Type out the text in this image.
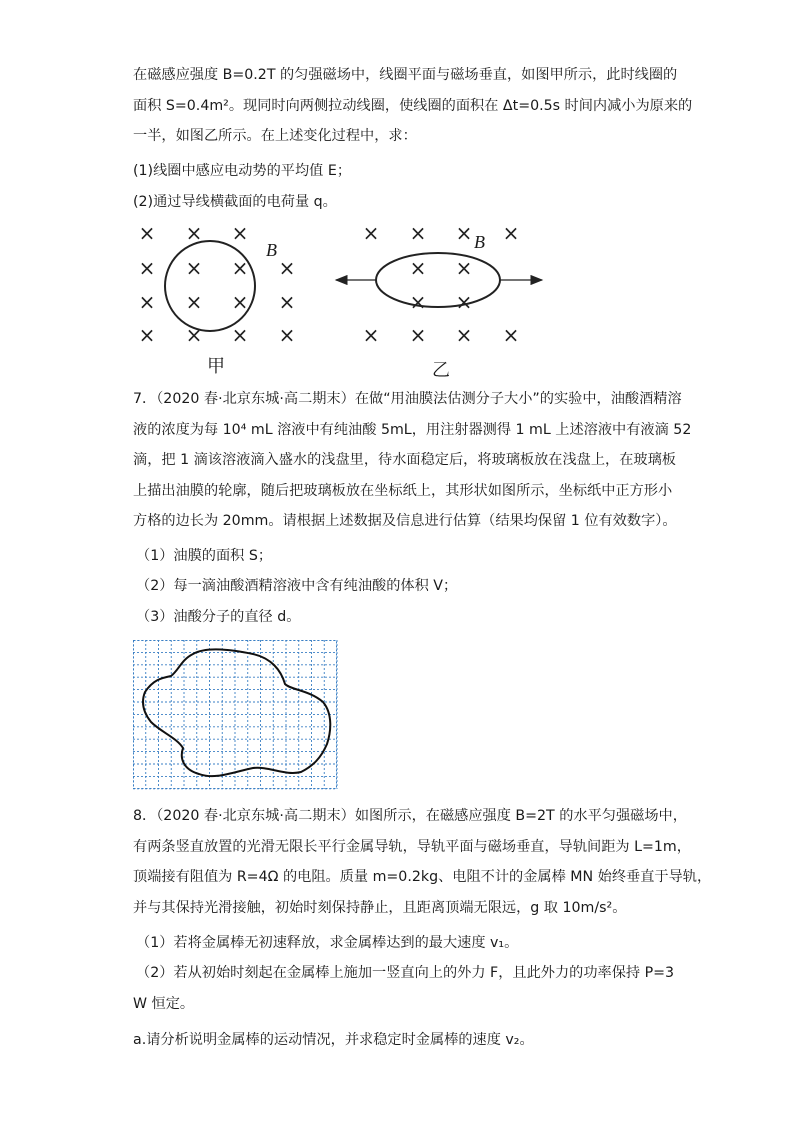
在磁感应强度 B=0.2T 的匀强磁场中，线圈平面与磁场垂直，如图甲所示，此时线圈的
面积 S=0.4m²。现同时向两侧拉动线圈，使线圈的面积在 Δt=0.5s 时间内减小为原来的
一半，如图乙所示。在上述变化过程中，求：
(1)线圈中感应电动势的平均值 E；
(2)通过导线横截面的电荷量 q。
× × ×
× × × ×
× × × ×
× × × ×
× × × ×
× ×
× ×
× × × ×
B	B
甲	乙
7．（2020 春·北京东城·高二期末）在做“用油膜法估测分子大小”的实验中，油酸酒精溶
液的浓度为每 10⁴ mL 溶液中有纯油酸 5mL，用注射器测得 1 mL 上述溶液中有液滴 52
滴，把 1 滴该溶液滴入盛水的浅盘里，待水面稳定后，将玻璃板放在浅盘上，在玻璃板
上描出油膜的轮廓，随后把玻璃板放在坐标纸上，其形状如图所示，坐标纸中正方形小
方格的边长为 20mm。请根据上述数据及信息进行估算（结果均保留 1 位有效数字）。
（1）油膜的面积 S；
（2）每一滴油酸酒精溶液中含有纯油酸的体积 V；
（3）油酸分子的直径 d。
8．（2020 春·北京东城·高二期末）如图所示，在磁感应强度 B=2T 的水平匀强磁场中，
有两条竖直放置的光滑无限长平行金属导轨，导轨平面与磁场垂直，导轨间距为 L=1m，
顶端接有阻值为 R=4Ω 的电阻。质量 m=0.2kg、电阻不计的金属棒 MN 始终垂直于导轨，
并与其保持光滑接触，初始时刻保持静止，且距离顶端无限远，g 取 10m/s²。
（1）若将金属棒无初速释放，求金属棒达到的最大速度 v₁。
（2）若从初始时刻起在金属棒上施加一竖直向上的外力 F，且此外力的功率保持 P=3
W 恒定。
a.请分析说明金属棒的运动情况，并求稳定时金属棒的速度 v₂。
